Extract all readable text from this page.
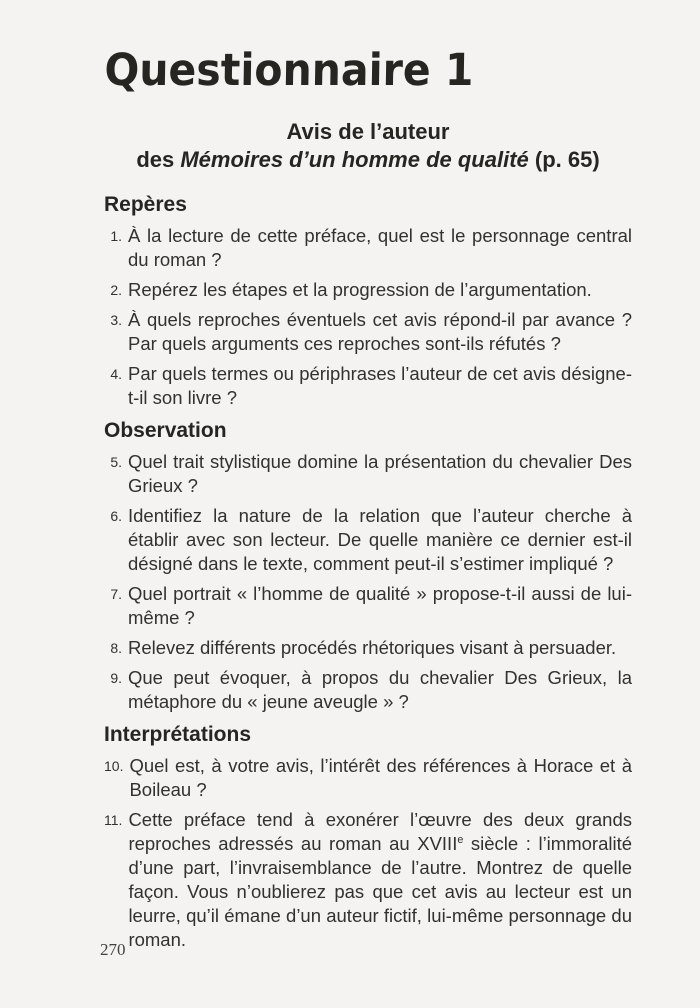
Questionnaire 1
Avis de l’auteur
des Mémoires d’un homme de qualité (p. 65)
Repères
1. À la lecture de cette préface, quel est le personnage central du roman ?
2. Repérez les étapes et la progression de l’argumentation.
3. À quels reproches éventuels cet avis répond-il par avance ? Par quels arguments ces reproches sont-ils réfutés ?
4. Par quels termes ou périphrases l’auteur de cet avis désigne-t-il son livre ?
Observation
5. Quel trait stylistique domine la présentation du chevalier Des Grieux ?
6. Identifiez la nature de la relation que l’auteur cherche à établir avec son lecteur. De quelle manière ce dernier est-il désigné dans le texte, comment peut-il s’estimer impliqué ?
7. Quel portrait « l’homme de qualité » propose-t-il aussi de lui-même ?
8. Relevez différents procédés rhétoriques visant à persuader.
9. Que peut évoquer, à propos du chevalier Des Grieux, la métaphore du « jeune aveugle » ?
Interprétations
10. Quel est, à votre avis, l’intérêt des références à Horace et à Boileau ?
11. Cette préface tend à exonérer l’œuvre des deux grands reproches adressés au roman au XVIIIe siècle : l’immoralité d’une part, l’invraisemblance de l’autre. Montrez de quelle façon. Vous n’oublierez pas que cet avis au lecteur est un leurre, qu’il émane d’un auteur fictif, lui-même personnage du roman.
270
